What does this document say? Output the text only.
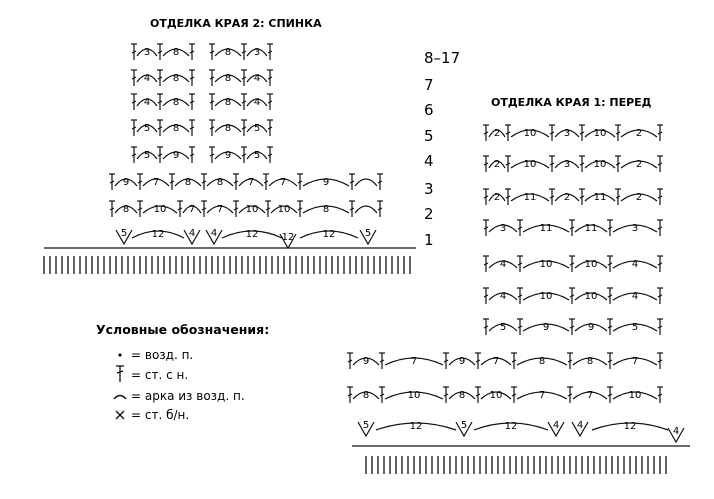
3 8	8 3
4 8	8 4
4 8	8 4
5 8	8 5
5 9	9 5
9 7	8	8 7	7	9
8 10 7 7 10 10	8
5 12 4 4	12 12	12	5
2 10	3 10	2
2 10	3 10	2
2 11	2 11	2
3	11	11	3
4	10	10	4
4	10	10	4
5	9	9	5
9	7	9	7	8	8	7
8	10	8 10	7	7	10
5	12	5	12	4 4	12	4
ОТДЕЛКА КРАЯ 2: СПИНКА
ОТДЕЛКА КРАЯ 1: ПЕРЕД
8–17
7
6
5
4
3
2
1
Условные обозначения:
= возд. п.
= ст. с н.
= арка из возд. п.
= ст. б/н.
